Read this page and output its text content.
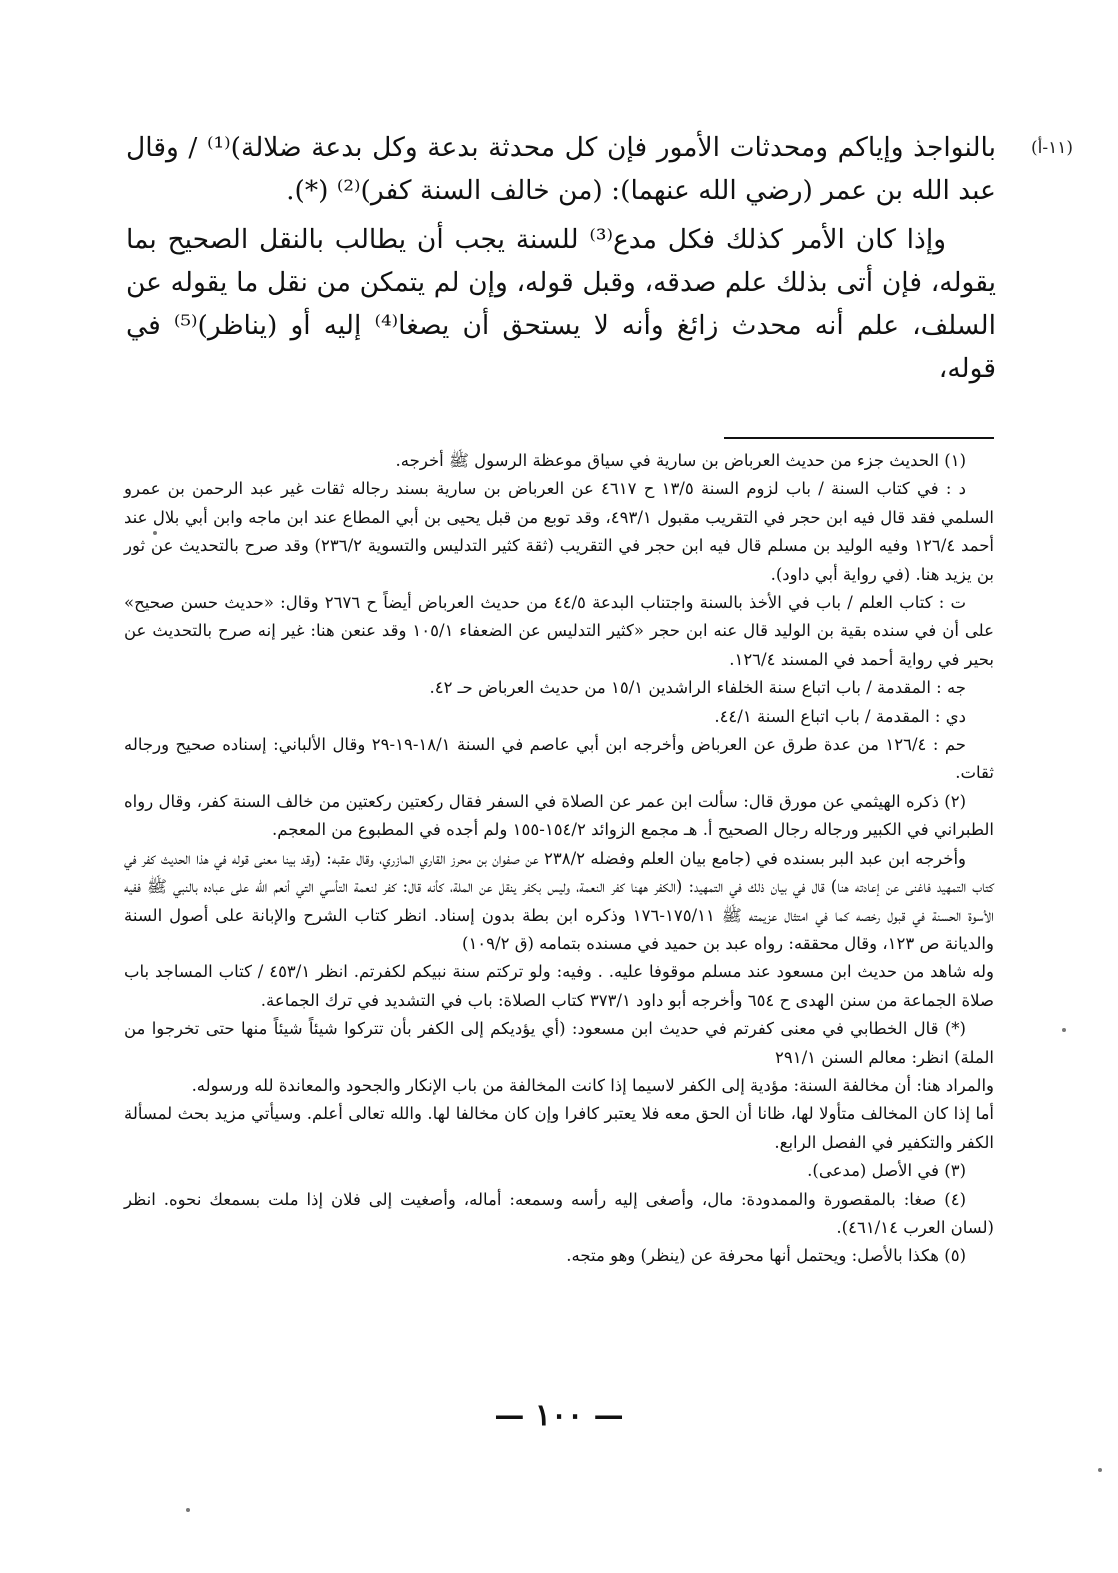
(١١-أ)

بالنواجذ وإياكم ومحدثات الأمور فإن كل محدثة بدعة وكل بدعة ضلالة)⁽¹⁾ / وقال عبد الله بن عمر (رضي الله عنهما): (من خالف السنة كفر)⁽²⁾ (*).

وإذا كان الأمر كذلك فكل مدع⁽³⁾ للسنة يجب أن يطالب بالنقل الصحيح بما يقوله، فإن أتى بذلك علم صدقه، وقبل قوله، وإن لم يتمكن من نقل ما يقوله عن السلف، علم أنه محدث زائغ وأنه لا يستحق أن يصغا⁽⁴⁾ إليه أو (يناظر)⁽⁵⁾ في قوله،

(١) الحديث جزء من حديث العرباض بن سارية في سياق موعظة الرسول ﷺ أخرجه.

د : في كتاب السنة / باب لزوم السنة ١٣/٥ ح ٤٦١٧ عن العرباض بن سارية بسند رجاله ثقات غير عبد الرحمن بن عمرو السلمي فقد قال فيه ابن حجر في التقريب مقبول ٤٩٣/١، وقد توبع من قبل يحيى بن أبي المطاع عند ابن ماجه وابن أبي بلال عند أحمد ١٢٦/٤ وفيه الوليد بن مسلم قال فيه ابن حجر في التقريب (ثقة كثير التدليس والتسوية ٢٣٦/٢) وقد صرح بالتحديث عن ثور بن يزيد هنا. (في رواية أبي داود).

ت : كتاب العلم / باب في الأخذ بالسنة واجتناب البدعة ٤٤/٥ من حديث العرباض أيضاً ح ٢٦٧٦ وقال: «حديث حسن صحيح» على أن في سنده بقية بن الوليد قال عنه ابن حجر «كثير التدليس عن الضعفاء ١٠٥/١ وقد عنعن هنا: غير إنه صرح بالتحديث عن بحير في رواية أحمد في المسند ١٢٦/٤.

جه : المقدمة / باب اتباع سنة الخلفاء الراشدين ١٥/١ من حديث العرباض حـ ٤٢.

دي : المقدمة / باب اتباع السنة ٤٤/١.

حم : ١٢٦/٤ من عدة طرق عن العرباض وأخرجه ابن أبي عاصم في السنة ١٨/١-١٩-٢٩ وقال الألباني: إسناده صحيح ورجاله ثقات.

(٢) ذكره الهيثمي عن مورق قال: سألت ابن عمر عن الصلاة في السفر فقال ركعتين ركعتين من خالف السنة كفر، وقال رواه الطبراني في الكبير ورجاله رجال الصحيح أ. هـ مجمع الزوائد ١٥٤/٢-١٥٥ ولم أجده في المطبوع من المعجم.

وأخرجه ابن عبد البر بسنده في (جامع بيان العلم وفضله ٢٣٨/٢ عن صفوان بن محرز القاري المازري، وقال عقبه: (وقد بينا معنى قوله في هذا الحديث كفر في كتاب التمهيد فاغنى عن إعادته هنا) قال في بيان ذلك في التمهيد: (الكفر ههنا كفر النعمة، وليس بكفر ينقل عن الملة، كأنه قال: كفر لنعمة التأسي التي أنعم الله على عباده بالنبي ﷺ ففيه الأسوة الحسنة في قبول رخصه كما في امتثال عزيمته ﷺ ١٧٥/١١-١٧٦ وذكره ابن بطة بدون إسناد. انظر كتاب الشرح والإبانة على أصول السنة والديانة ص ١٢٣، وقال محققه: رواه عبد بن حميد في مسنده بتمامه (ق ١٠٩/٢)

وله شاهد من حديث ابن مسعود عند مسلم موقوفا عليه. . وفيه: ولو تركتم سنة نبيكم لكفرتم. انظر ٤٥٣/١ / كتاب المساجد باب صلاة الجماعة من سنن الهدى ح ٦٥٤ وأخرجه أبو داود ٣٧٣/١ كتاب الصلاة: باب في التشديد في ترك الجماعة.

(*) قال الخطابي في معنى كفرتم في حديث ابن مسعود: (أي يؤديكم إلى الكفر بأن تتركوا شيئاً شيئاً منها حتى تخرجوا من الملة) انظر: معالم السنن ٢٩١/١

والمراد هنا: أن مخالفة السنة: مؤدية إلى الكفر لاسيما إذا كانت المخالفة من باب الإنكار والجحود والمعاندة لله ورسوله.

أما إذا كان المخالف متأولا لها، ظانا أن الحق معه فلا يعتبر كافرا وإن كان مخالفا لها. والله تعالى أعلم. وسيأتي مزيد بحث لمسألة الكفر والتكفير في الفصل الرابع.

(٣) في الأصل (مدعى).

(٤) صغا: بالمقصورة والممدودة: مال، وأصغى إليه رأسه وسمعه: أماله، وأصغيت إلى فلان إذا ملت بسمعك نحوه. انظر (لسان العرب ٤٦١/١٤).

(٥) هكذا بالأصل: ويحتمل أنها محرفة عن (ينظر) وهو متجه.

— ١٠٠ —
